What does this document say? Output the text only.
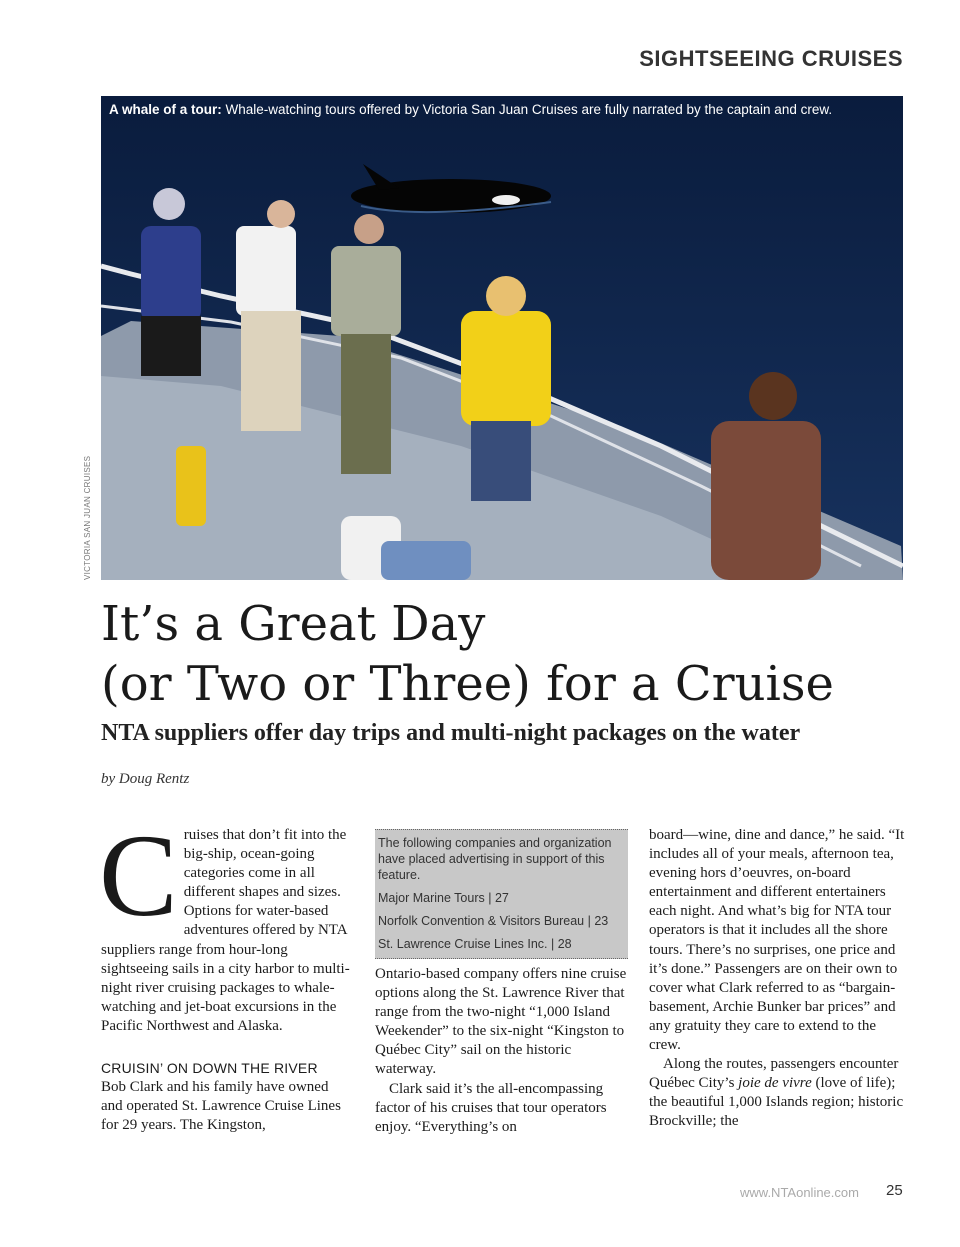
SIGHTSEEING CRUISES
A whale of a tour: Whale-watching tours offered by Victoria San Juan Cruises are fully narrated by the captain and crew.
VICTORIA SAN JUAN CRUISES
It’s a Great Day
(or Two or Three) for a Cruise
NTA suppliers offer day trips and multi-night packages on the water
by Doug Rentz

Cruises that don’t fit into the big-ship, ocean-going categories come in all different shapes and sizes. Options for water-based adventures offered by NTA suppliers range from hour-long sightseeing sails in a city harbor to multi-night river cruising packages to whale-watching and jet-boat excursions in the Pacific Northwest and Alaska.

CRUISIN’ ON DOWN THE RIVER

Bob Clark and his family have owned and operated St. Lawrence Cruise Lines for 29 years. The Kingston,

The following companies and organization have placed advertising in support of this feature.
Major Marine Tours | 27
Norfolk Convention & Visitors Bureau | 23
St. Lawrence Cruise Lines Inc. | 28

Ontario-based company offers nine cruise options along the St. Lawrence River that range from the two-night “1,000 Island Weekender” to the six-night “Kingston to Québec City” sail on the historic waterway.

Clark said it’s the all-encompassing factor of his cruises that tour operators enjoy. “Everything’s on

board—wine, dine and dance,” he said. “It includes all of your meals, afternoon tea, evening hors d’oeuvres, on-board entertainment and different entertainers each night. And what’s big for NTA tour operators is that it includes all the shore tours. There’s no surprises, one price and it’s done.” Passengers are on their own to cover what Clark referred to as “bargain-basement, Archie Bunker bar prices” and any gratuity they care to extend to the crew.

Along the routes, passengers encounter Québec City’s joie de vivre (love of life); the beautiful 1,000 Islands region; historic Brockville; the

www.NTAonline.com 25
